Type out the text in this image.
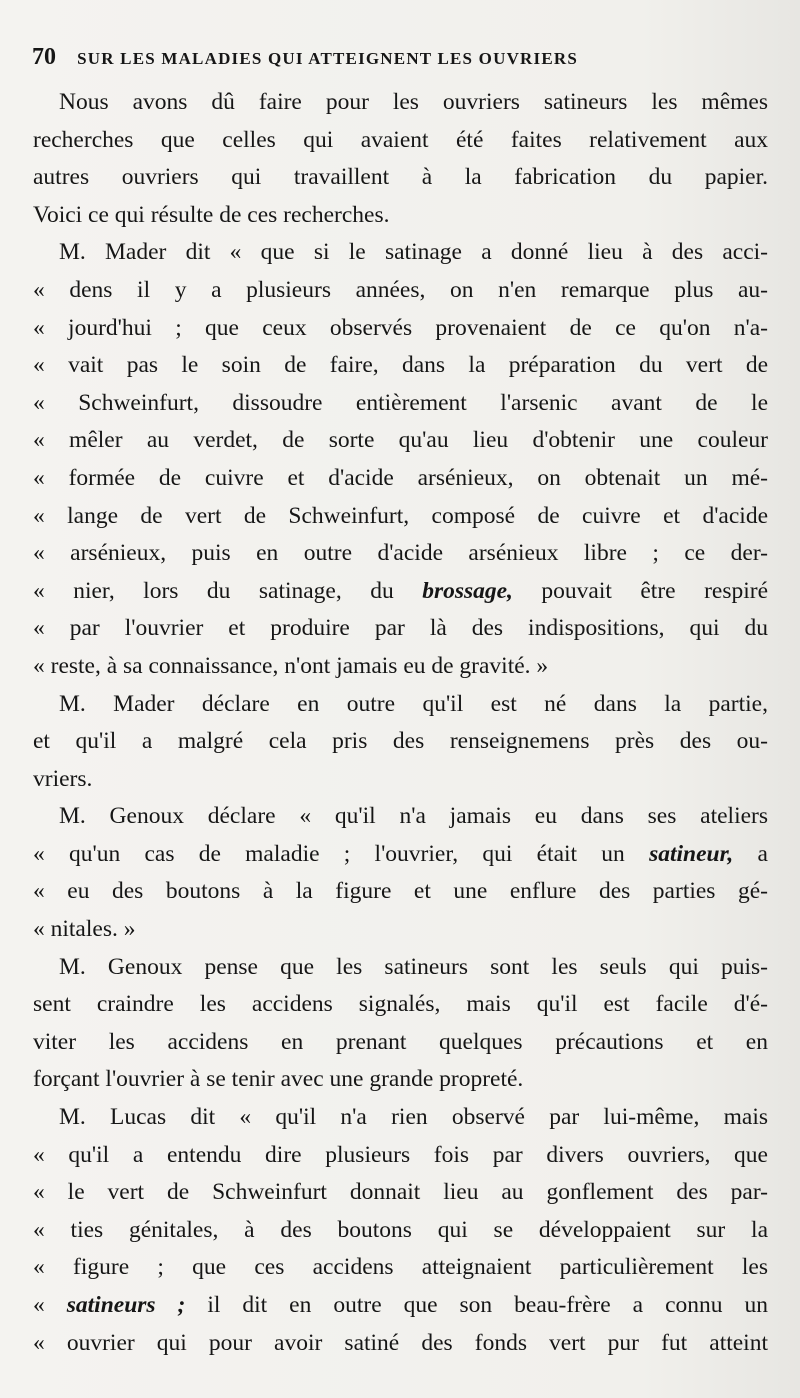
70 SUR LES MALADIES QUI ATTEIGNENT LES OUVRIERS
Nous avons dû faire pour les ouvriers satineurs les mêmes
recherches que celles qui avaient été faites relativement aux
autres ouvriers qui travaillent à la fabrication du papier.
Voici ce qui résulte de ces recherches.
M. Mader dit « que si le satinage a donné lieu à des acci-
« dens il y a plusieurs années, on n'en remarque plus au-
« jourd'hui ; que ceux observés provenaient de ce qu'on n'a-
« vait pas le soin de faire, dans la préparation du vert de
« Schweinfurt, dissoudre entièrement l'arsenic avant de le
« mêler au verdet, de sorte qu'au lieu d'obtenir une couleur
« formée de cuivre et d'acide arsénieux, on obtenait un mé-
« lange de vert de Schweinfurt, composé de cuivre et d'acide
« arsénieux, puis en outre d'acide arsénieux libre ; ce der-
« nier, lors du satinage, du brossage, pouvait être respiré
« par l'ouvrier et produire par là des indispositions, qui du
« reste, à sa connaissance, n'ont jamais eu de gravité. »
M. Mader déclare en outre qu'il est né dans la partie,
et qu'il a malgré cela pris des renseignemens près des ou-
vriers.
M. Genoux déclare « qu'il n'a jamais eu dans ses ateliers
« qu'un cas de maladie ; l'ouvrier, qui était un satineur, a
« eu des boutons à la figure et une enflure des parties gé-
« nitales. »
M. Genoux pense que les satineurs sont les seuls qui puis-
sent craindre les accidens signalés, mais qu'il est facile d'é-
viter les accidens en prenant quelques précautions et en
forçant l'ouvrier à se tenir avec une grande propreté.
M. Lucas dit « qu'il n'a rien observé par lui-même, mais
« qu'il a entendu dire plusieurs fois par divers ouvriers, que
« le vert de Schweinfurt donnait lieu au gonflement des par-
« ties génitales, à des boutons qui se développaient sur la
« figure ; que ces accidens atteignaient particulièrement les
« satineurs ; il dit en outre que son beau-frère a connu un
« ouvrier qui pour avoir satiné des fonds vert pur fut atteint
